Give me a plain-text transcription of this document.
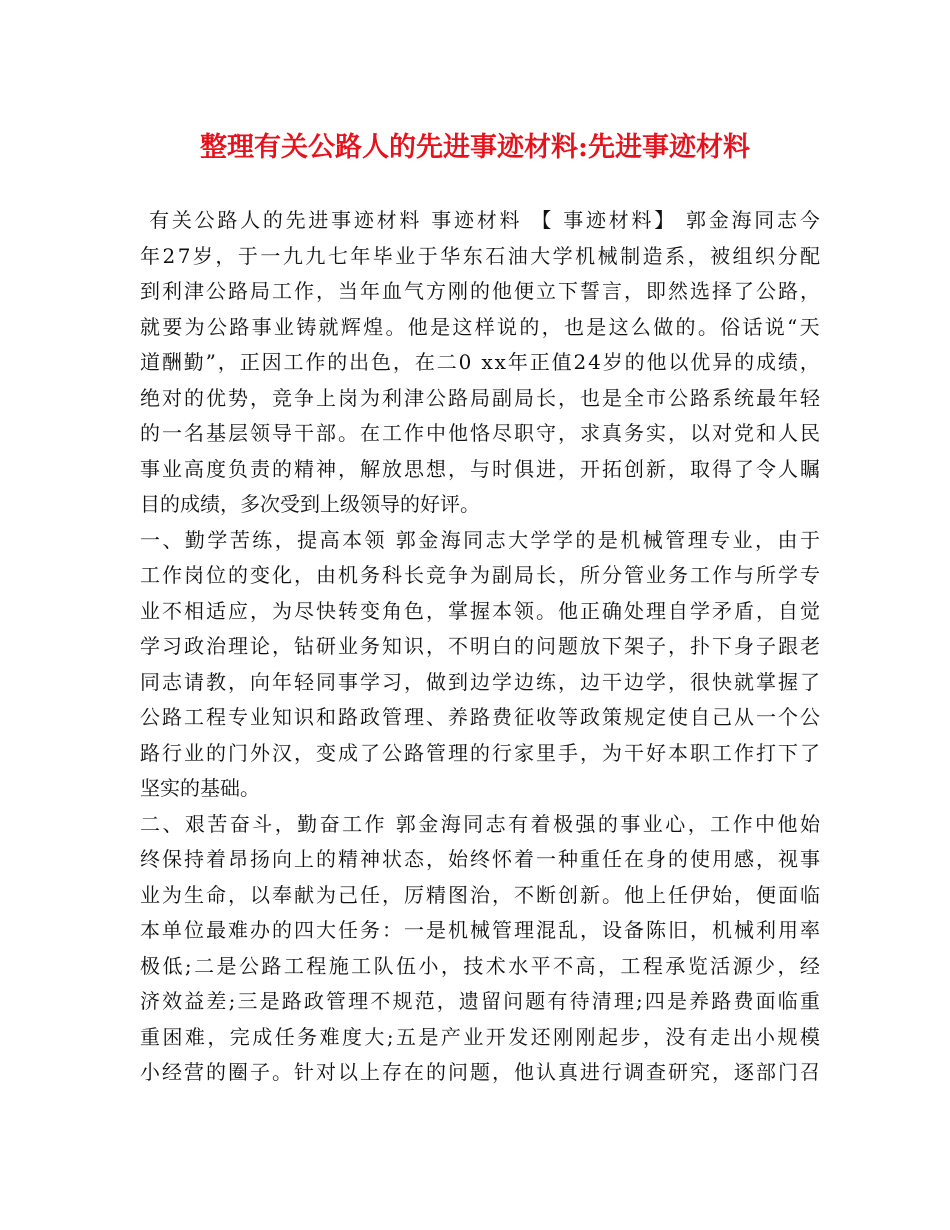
整理有关公路人的先进事迹材料:先进事迹材料

有 关 公 路 人 的 先 进 事 迹 材 料
事 迹 材 料
【
事 迹 材 料 】
郭 金 海 同 志 今
年 2 7 岁 ， 于 一 九 九 七 年 毕 业 于 华 东 石 油 大 学 机 械 制 造 系 ， 被 组 织 分 配
到 利 津 公 路 局 工 作 ， 当 年 血 气 方 刚 的 他 便 立 下 誓 言 ， 即 然 选 择 了 公 路 ，
就 要 为 公 路 事 业 铸 就 辉 煌 。 他 是 这 样 说 的 ， 也 是 这 么 做 的 。 俗 话 说 “ 天
道 酬 勤 ” ， 正 因 工 作 的 出 色 ， 在 二 0
x x 年 正 值 2 4 岁 的 他 以 优 异 的 成 绩 ，
绝 对 的 优 势 ， 竞 争 上 岗 为 利 津 公 路 局 副 局 长 ， 也 是 全 市 公 路 系 统 最 年 轻
的 一 名 基 层 领 导 干 部 。 在 工 作 中 他 恪 尽 职 守 ， 求 真 务 实 ， 以 对 党 和 人 民
事 业 高 度 负 责 的 精 神 ， 解 放 思 想 ， 与 时 俱 进 ， 开 拓 创 新 ， 取 得 了 令 人 瞩
目的成绩，多次受到上级领导的好评。
一 、 勤 学 苦 练 ， 提 高 本 领
郭 金 海 同 志 大 学 学 的 是 机 械 管 理 专 业 ， 由 于
工 作 岗 位 的 变 化 ， 由 机 务 科 长 竞 争 为 副 局 长 ， 所 分 管 业 务 工 作 与 所 学 专
业 不 相 适 应 ， 为 尽 快 转 变 角 色 ， 掌 握 本 领 。 他 正 确 处 理 自 学 矛 盾 ， 自 觉
学 习 政 治 理 论 ， 钻 研 业 务 知 识 ， 不 明 白 的 问 题 放 下 架 子 ， 扑 下 身 子 跟 老
同 志 请 教 ， 向 年 轻 同 事 学 习 ， 做 到 边 学 边 练 ， 边 干 边 学 ， 很 快 就 掌 握 了
公 路 工 程 专 业 知 识 和 路 政 管 理 、 养 路 费 征 收 等 政 策 规 定 使 自 己 从 一 个 公
路 行 业 的 门 外 汉 ， 变 成 了 公 路 管 理 的 行 家 里 手 ， 为 干 好 本 职 工 作 打 下 了
坚实的基础。
二 、 艰 苦 奋 斗 ， 勤 奋 工 作
郭 金 海 同 志 有 着 极 强 的 事 业 心 ， 工 作 中 他 始
终 保 持 着 昂 扬 向 上 的 精 神 状 态 ， 始 终 怀 着 一 种 重 任 在 身 的 使 用 感 ， 视 事
业 为 生 命 ， 以 奉 献 为 己 任 ， 厉 精 图 治 ， 不 断 创 新 。 他 上 任 伊 始 ， 便 面 临
本 单 位 最 难 办 的 四 大 任 务 ： 一 是 机 械 管 理 混 乱 ， 设 备 陈 旧 ， 机 械 利 用 率
极 低 ; 二 是 公 路 工 程 施 工 队 伍 小 ， 技 术 水 平 不 高 ， 工 程 承 览 活 源 少 ， 经
济 效 益 差 ; 三 是 路 政 管 理 不 规 范 ， 遗 留 问 题 有 待 清 理 ; 四 是 养 路 费 面 临 重
重 困 难 ， 完 成 任 务 难 度 大 ; 五 是 产 业 开 发 还 刚 刚 起 步 ， 没 有 走 出 小 规 模
小 经 营 的 圈 子 。 针 对 以 上 存 在 的 问 题 ， 他 认 真 进 行 调 查 研 究 ， 逐 部 门 召
